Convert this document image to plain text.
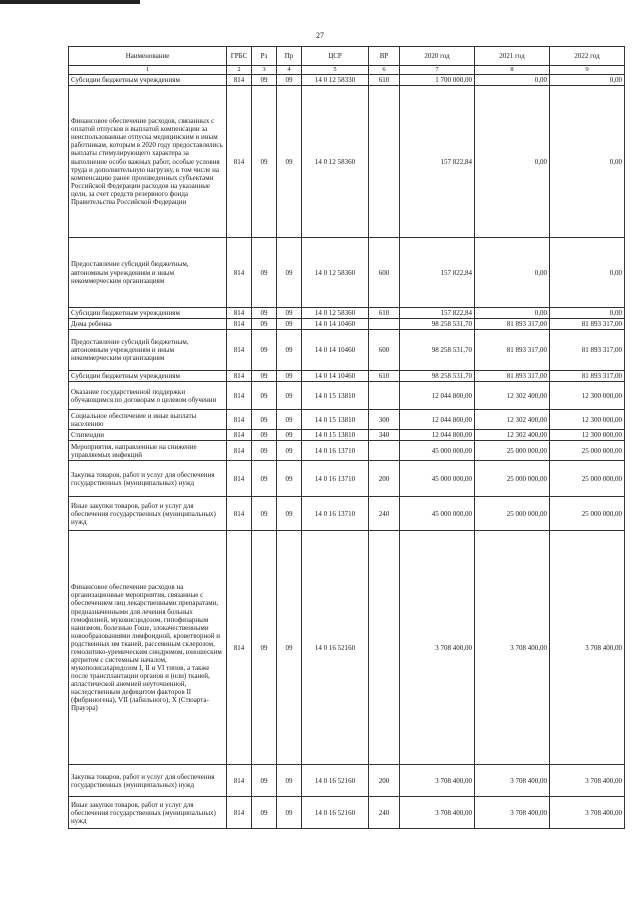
27
Наименование	ГРБС	Рз	Пр	ЦСР	ВР	2020 год	2021 год	2022 год
1	2	3	4	5	6	7	8	9
Субсидии бюджетным учреждениям	814	09	09	14 0 12 58330	610	1 700 000,00	0,00	0,00
Финансовое обеспечение расходов, связанных с оплатой отпусков и выплатой компенсации за неиспользованные отпуска медицинским и иным работникам, которым в 2020 году предоставлялись выплаты стимулирующего характера за выполнение особо важных работ, особые условия труда и дополнительную нагрузку, в том числе на компенсацию ранее произведенных субъектами Российской Федерации расходов на указанные цели, за счет средств резервного фонда Правительства Российской Федерации	814	09	09	14 0 12 58360		157 822,84	0,00	0,00
Предоставление субсидий бюджетным, автономным учреждениям и иным некоммерческим организациям	814	09	09	14 0 12 58360	600	157 822,84	0,00	0,00
Субсидии бюджетным учреждениям	814	09	09	14 0 12 58360	610	157 822,84	0,00	0,00
Дома ребенка	814	09	09	14 0 14 10460		98 258 531,70	81 893 317,00	81 893 317,00
Предоставление субсидий бюджетным, автономным учреждениям и иным некоммерческим организациям	814	09	09	14 0 14 10460	600	98 258 531,70	81 893 317,00	81 893 317,00
Субсидии бюджетным учреждениям	814	09	09	14 0 14 10460	610	98 258 531,70	81 893 317,00	81 893 317,00
Оказание государственной поддержки обучающимся по договорам о целевом обучении	814	09	09	14 0 15 13810		12 044 800,00	12 302 400,00	12 300 000,00
Социальное обеспечение и иные выплаты населению	814	09	09	14 0 15 13810	300	12 044 800,00	12 302 400,00	12 300 000,00
Стипендии	814	09	09	14 0 15 13810	340	12 044 800,00	12 302 400,00	12 300 000,00
Мероприятия, направленные на снижение управляемых инфекций	814	09	09	14 0 16 13710		45 000 000,00	25 000 000,00	25 000 000,00
Закупка товаров, работ и услуг для обеспечения государственных (муниципальных) нужд	814	09	09	14 0 16 13710	200	45 000 000,00	25 000 000,00	25 000 000,00
Иные закупки товаров, работ и услуг для обеспечения государственных (муниципальных) нужд	814	09	09	14 0 16 13710	240	45 000 000,00	25 000 000,00	25 000 000,00
Финансовое обеспечение расходов на организационные мероприятия, связанные с обеспечением лиц лекарственными препаратами, предназначенными для лечения больных гемофилией, муковисцидозом, гипофизарным нанизмом, болезнью Гоше, злокачественными новообразованиями лимфоидной, кроветворной и родственных им тканей, рассеянным склерозом, гемолитико-уремическим синдромом, юношеским артритом с системным началом, мукополисахаридозом I, II и VI типов, а также после трансплантации органов и (или) тканей, апластической анемией неуточненной, наследственным дефицитом факторов II (фибриногена), VII (лабильного), X (Стюарта-Прауэра)	814	09	09	14 0 16 52160		3 708 400,00	3 708 400,00	3 708 400,00
Закупка товаров, работ и услуг для обеспечения государственных (муниципальных) нужд	814	09	09	14 0 16 52160	200	3 708 400,00	3 708 400,00	3 708 400,00
Иные закупки товаров, работ и услуг для обеспечения государственных (муниципальных) нужд	814	09	09	14 0 16 52160	240	3 708 400,00	3 708 400,00	3 708 400,00
